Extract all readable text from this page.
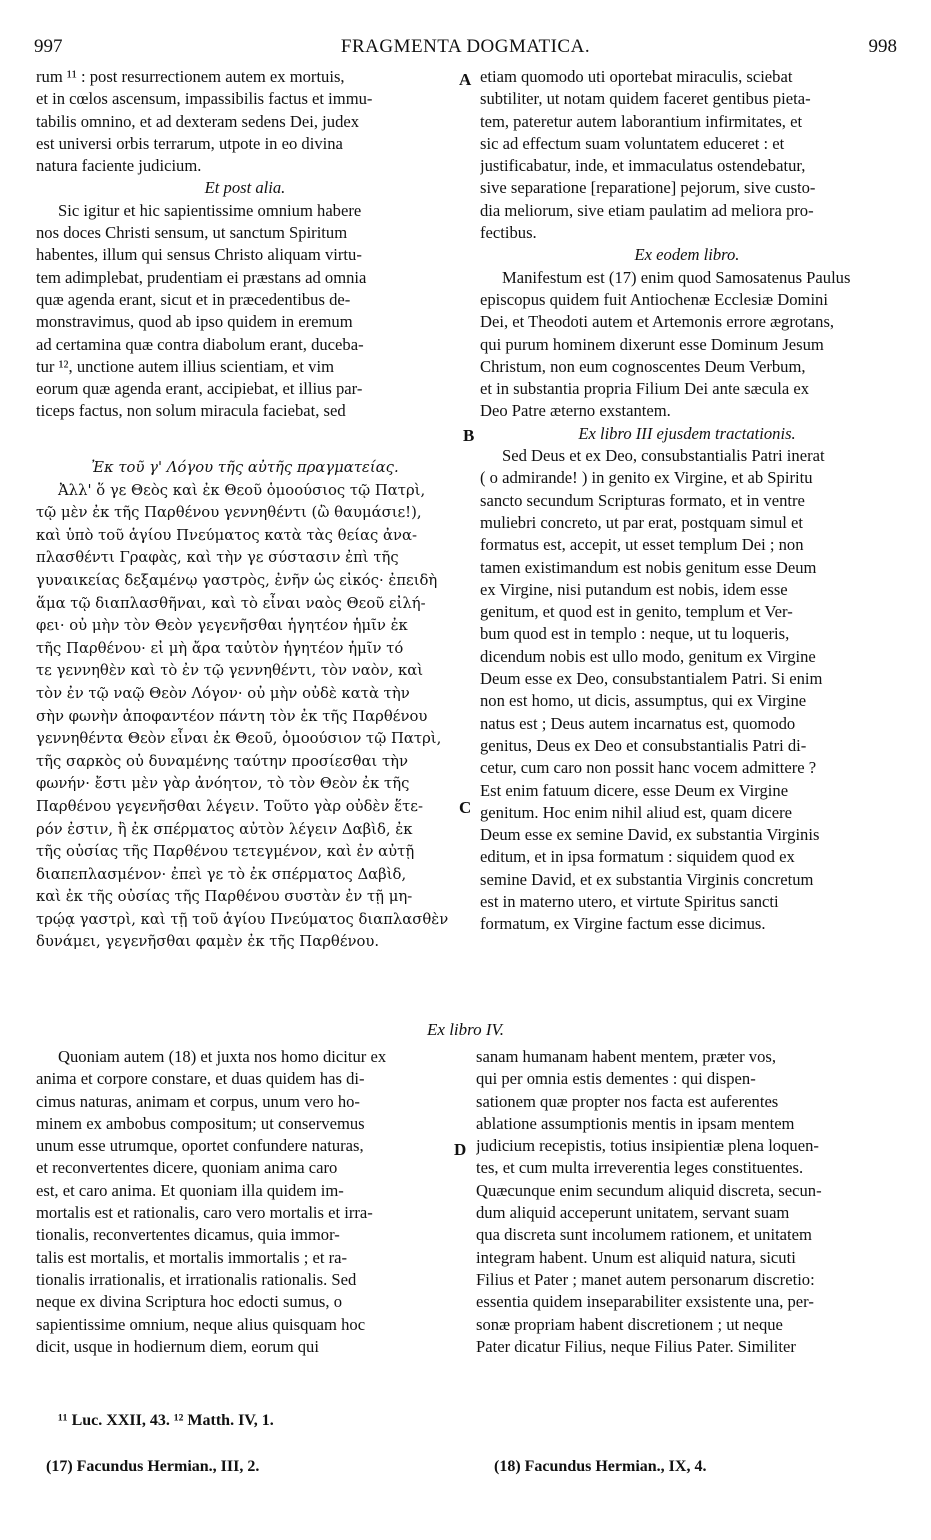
997	FRAGMENTA DOGMATICA.	998
A
B
C
D
rum ¹¹ : post resurrectionem autem ex mortuis,
et in cœlos ascensum, impassibilis factus et immu-
tabilis omnino, et ad dexteram sedens Dei, judex
est universi orbis terrarum, utpote in eo divina
natura faciente judicium.
Et post alia.
Sic igitur et hic sapientissime omnium habere
nos doces Christi sensum, ut sanctum Spiritum
habentes, illum qui sensus Christo aliquam virtu-
tem adimplebat, prudentiam ei præstans ad omnia
quæ agenda erant, sicut et in præcedentibus de-
monstravimus, quod ab ipso quidem in eremum
ad certamina quæ contra diabolum erant, duceba-
tur ¹², unctione autem illius scientiam, et vim
eorum quæ agenda erant, accipiebat, et illius par-
ticeps factus, non solum miracula faciebat, sed
Ἐκ τοῦ γ' Λόγου τῆς αὐτῆς πραγματείας.
Ἀλλ' ὅ γε Θεὸς καὶ ἐκ Θεοῦ ὁμοούσιος τῷ Πατρὶ,
τῷ μὲν ἐκ τῆς Παρθένου γεννηθέντι (ὢ θαυμάσιε!),
καὶ ὑπὸ τοῦ ἁγίου Πνεύματος κατὰ τὰς θείας ἀνα-
πλασθέντι Γραφὰς, καὶ τὴν γε σύστασιν ἐπὶ τῆς
γυναικείας δεξαμένῳ γαστρὸς, ἐνῆν ὡς εἰκός· ἐπειδὴ
ἅμα τῷ διαπλασθῆναι, καὶ τὸ εἶναι ναὸς Θεοῦ εἰλή-
φει· οὐ μὴν τὸν Θεὸν γεγενῆσθαι ἡγητέον ἡμῖν ἐκ
τῆς Παρθένου· εἰ μὴ ἄρα ταὐτὸν ἡγητέον ἡμῖν τό
τε γεννηθὲν καὶ τὸ ἐν τῷ γεννηθέντι, τὸν ναὸν, καὶ
τὸν ἐν τῷ ναῷ Θεὸν Λόγον· οὐ μὴν οὐδὲ κατὰ τὴν
σὴν φωνὴν ἀποφαντέον πάντη τὸν ἐκ τῆς Παρθένου
γεννηθέντα Θεὸν εἶναι ἐκ Θεοῦ, ὁμοούσιον τῷ Πατρὶ,
τῆς σαρκὸς οὐ δυναμένης ταύτην προσίεσθαι τὴν
φωνήν· ἔστι μὲν γὰρ ἀνόητον, τὸ τὸν Θεὸν ἐκ τῆς
Παρθένου γεγενῆσθαι λέγειν. Τοῦτο γὰρ οὐδὲν ἕτε-
ρόν ἐστιν, ἢ ἐκ σπέρματος αὐτὸν λέγειν Δαβὶδ, ἐκ
τῆς οὐσίας τῆς Παρθένου τετεγμένον, καὶ ἐν αὐτῇ
διαπεπλασμένον· ἐπεὶ γε τὸ ἐκ σπέρματος Δαβὶδ,
καὶ ἐκ τῆς οὐσίας τῆς Παρθένου συστὰν ἐν τῇ μη-
τρῴᾳ γαστρὶ, καὶ τῇ τοῦ ἁγίου Πνεύματος διαπλασθὲν
δυνάμει, γεγενῆσθαι φαμὲν ἐκ τῆς Παρθένου.
etiam quomodo uti oportebat miraculis, sciebat
subtiliter, ut notam quidem faceret gentibus pieta-
tem, pateretur autem laborantium infirmitates, et
sic ad effectum suam voluntatem educeret : et
justificabatur, inde, et immaculatus ostendebatur,
sive separatione [reparatione] pejorum, sive custo-
dia meliorum, sive etiam paulatim ad meliora pro-
fectibus.
Ex eodem libro.
Manifestum est (17) enim quod Samosatenus Paulus
episcopus quidem fuit Antiochenæ Ecclesiæ Domini
Dei, et Theodoti autem et Artemonis errore ægrotans,
qui purum hominem dixerunt esse Dominum Jesum
Christum, non eum cognoscentes Deum Verbum,
et in substantia propria Filium Dei ante sæcula ex
Deo Patre æterno exstantem.
Ex libro III ejusdem tractationis.
Sed Deus et ex Deo, consubstantialis Patri inerat
( o admirande! ) in genito ex Virgine, et ab Spiritu
sancto secundum Scripturas formato, et in ventre
muliebri concreto, ut par erat, postquam simul et
formatus est, accepit, ut esset templum Dei ; non
tamen existimandum est nobis genitum esse Deum
ex Virgine, nisi putandum est nobis, idem esse
genitum, et quod est in genito, templum et Ver-
bum quod est in templo : neque, ut tu loqueris,
dicendum nobis est ullo modo, genitum ex Virgine
Deum esse ex Deo, consubstantialem Patri. Si enim
non est homo, ut dicis, assumptus, qui ex Virgine
natus est ; Deus autem incarnatus est, quomodo
genitus, Deus ex Deo et consubstantialis Patri di-
cetur, cum caro non possit hanc vocem admittere ?
Est enim fatuum dicere, esse Deum ex Virgine
genitum. Hoc enim nihil aliud est, quam dicere
Deum esse ex semine David, ex substantia Virginis
editum, et in ipsa formatum : siquidem quod ex
semine David, et ex substantia Virginis concretum
est in materno utero, et virtute Spiritus sancti
formatum, ex Virgine factum esse dicimus.
Ex libro IV.
Quoniam autem (18) et juxta nos homo dicitur ex
anima et corpore constare, et duas quidem has di-
cimus naturas, animam et corpus, unum vero ho-
minem ex ambobus compositum; ut conservemus
unum esse utrumque, oportet confundere naturas,
et reconvertentes dicere, quoniam anima caro
est, et caro anima. Et quoniam illa quidem im-
mortalis est et rationalis, caro vero mortalis et irra-
tionalis, reconvertentes dicamus, quia immor-
talis est mortalis, et mortalis immortalis ; et ra-
tionalis irrationalis, et irrationalis rationalis. Sed
neque ex divina Scriptura hoc edocti sumus, o
sapientissime omnium, neque alius quisquam hoc
dicit, usque in hodiernum diem, eorum qui
sanam humanam habent mentem, præter vos,
qui per omnia estis dementes : qui dispen-
sationem quæ propter nos facta est auferentes
ablatione assumptionis mentis in ipsam mentem
judicium recepistis, totius insipientiæ plena loquen-
tes, et cum multa irreverentia leges constituentes.
Quæcunque enim secundum aliquid discreta, secun-
dum aliquid acceperunt unitatem, servant suam
qua discreta sunt incolumem rationem, et unitatem
integram habent. Unum est aliquid natura, sicuti
Filius et Pater ; manet autem personarum discretio:
essentia quidem inseparabiliter exsistente una, per-
sonæ propriam habent discretionem ; ut neque
Pater dicatur Filius, neque Filius Pater. Similiter
¹¹ Luc. XXII, 43. ¹² Matth. IV, 1.
(17) Facundus Hermian., III, 2.	(18) Facundus Hermian., IX, 4.
